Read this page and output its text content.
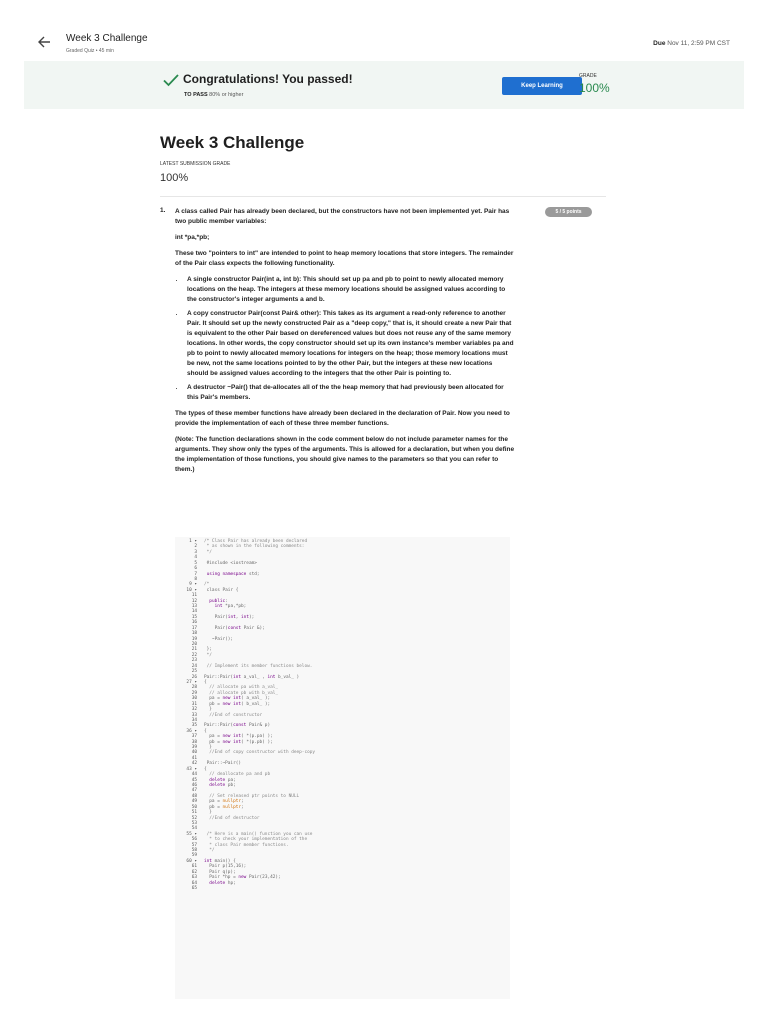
Week 3 Challenge
Graded Quiz • 45 min
Due Nov 11, 2:59 PM CST
Congratulations! You passed!
TO PASS 80% or higher
Keep Learning
GRADE
100%
Week 3 Challenge
LATEST SUBMISSION GRADE
100%
1.	5 / 5 points

A class called Pair has already been declared, but the constructors have not been implemented yet. Pair has two public member variables:

int *pa,*pb;

These two "pointers to int" are intended to point to heap memory locations that store integers. The remainder of the Pair class expects the following functionality.

• A single constructor Pair(int a, int b): This should set up pa and pb to point to newly allocated memory locations on the heap. The integers at these memory locations should be assigned values according to the constructor's integer arguments a and b.
• A copy constructor Pair(const Pair& other): This takes as its argument a read-only reference to another Pair. It should set up the newly constructed Pair as a "deep copy," that is, it should create a new Pair that is equivalent to the other Pair based on dereferenced values but does not reuse any of the same memory locations. In other words, the copy constructor should set up its own instance's member variables pa and pb to point to newly allocated memory locations for integers on the heap; those memory locations must be new, not the same locations pointed to by the other Pair, but the integers at these new locations should be assigned values according to the integers that the other Pair is pointing to.
• A destructor ~Pair() that de-allocates all of the the heap memory that had previously been allocated for this Pair's members.

The types of these member functions have already been declared in the declaration of Pair. Now you need to provide the implementation of each of these three member functions.

(Note: The function declarations shown in the code comment below do not include parameter names for the arguments. They show only the types of the arguments. This is allowed for a declaration, but when you define the implementation of those functions, you should give names to the parameters so that you can refer to them.)

1 ▾
2
3
4
5
6
7
8
9 ▾
10 ▾
11
12
13
14
15
16
17
18
19
20
21
22
23
24
25
26
27 ▾
28
29
30
31
32
33
34
35
36 ▾
37
38
39
40
41
42
43 ▾
44
45
46
47
48
49
50
51
52
53
54
55 ▾
56
57
58
59
60 ▾
61
62
63
64
65
/* Class Pair has already been declared
* as shown in the following comments:
*/

#include <iostream>

using namespace std;

/*
class Pair {

public:
int *pa,*pb;

Pair(int, int);

Pair(const Pair &);

~Pair();

};
*/

// Implement its member functions below.

Pair::Pair(int a_val_ , int b_val_ )
{
// allocate pa with a_val_
// allocate pb with b_val_
pa = new int( a_val_ );
pb = new int( b_val_ );
}
//End of constructor

Pair::Pair(const Pair& p)
{
pa = new int( *(p.pa) );
pb = new int( *(p.pb) );
}
//End of copy constructor with deep-copy

Pair::~Pair()
{
// deallocate pa and pb
delete pa;
delete pb;

// Set released ptr points to NULL
pa = nullptr;
pb = nullptr;
}
//End of destructor

/* Here is a main() function you can use
* to check your implementation of the
* class Pair member functions.
*/

int main() {
Pair p(15,16);
Pair q(p);
Pair *hp = new Pair(23,42);
delete hp;
